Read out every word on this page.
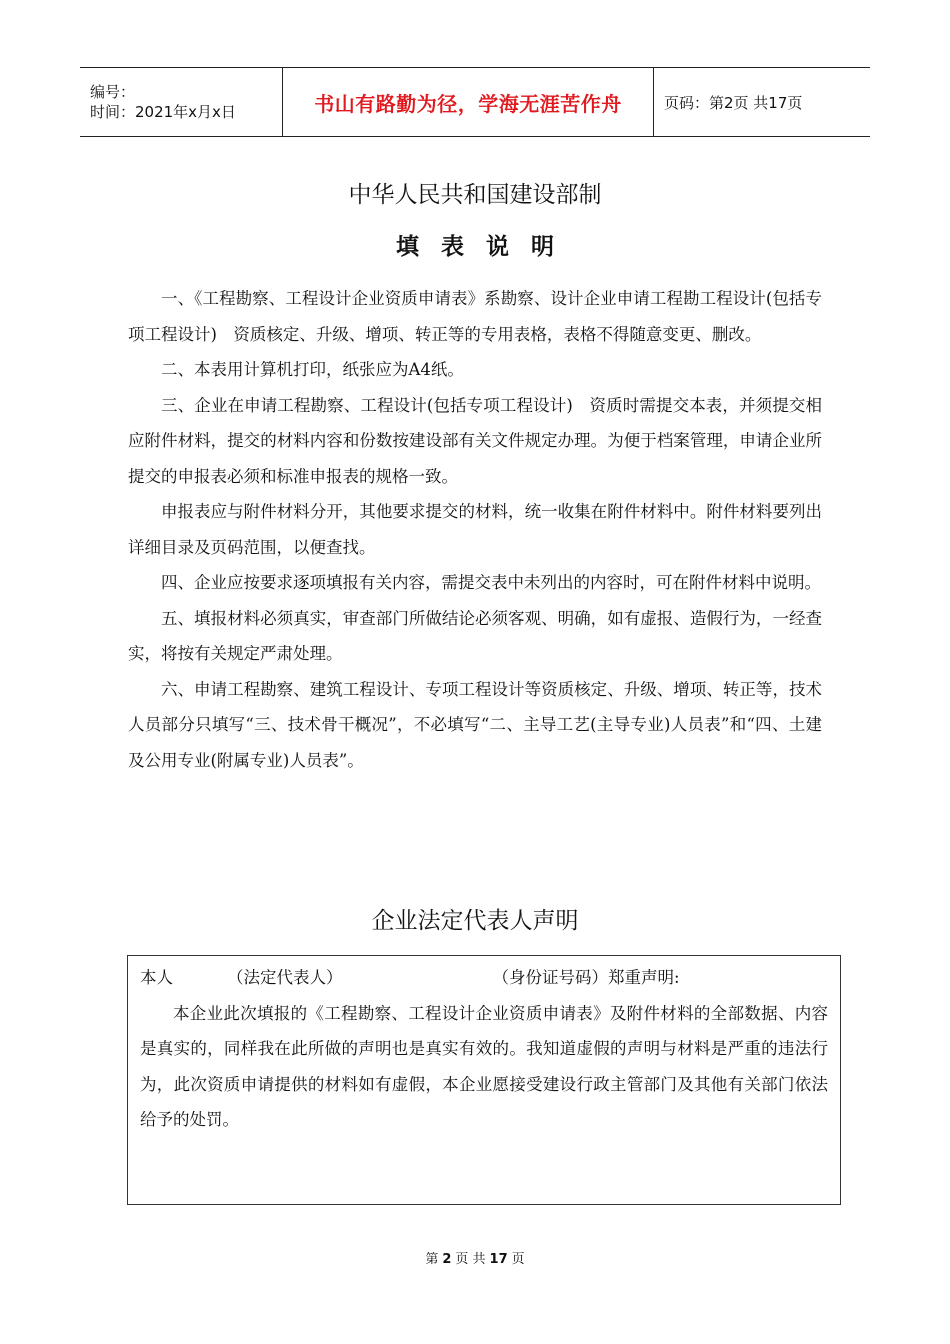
编号：
时间：2021年x月x日	书山有路勤为径，学海无涯苦作舟	页码：第2页 共17页
中华人民共和国建设部制
填表说明

一、《工程勘察、工程设计企业资质申请表》系勘察、设计企业申请工程勘工程设计(包括专项工程设计)　资质核定、升级、增项、转正等的专用表格，表格不得随意变更、删改。

二、本表用计算机打印，纸张应为A4纸。

三、企业在申请工程勘察、工程设计(包括专项工程设计)　资质时需提交本表，并须提交相应附件材料，提交的材料内容和份数按建设部有关文件规定办理。为便于档案管理，申请企业所提交的申报表必须和标准申报表的规格一致。

申报表应与附件材料分开，其他要求提交的材料，统一收集在附件材料中。附件材料要列出详细目录及页码范围，以便查找。

四、企业应按要求逐项填报有关内容，需提交表中未列出的内容时，可在附件材料中说明。

五、填报材料必须真实，审查部门所做结论必须客观、明确，如有虚报、造假行为，一经查实，将按有关规定严肃处理。

六、申请工程勘察、建筑工程设计、专项工程设计等资质核定、升级、增项、转正等，技术人员部分只填写“三、技术骨干概况”，不必填写“二、主导工艺(主导专业)人员表”和“四、土建及公用专业(附属专业)人员表”。

企业法定代表人声明
本人	（法定代表人）	（身份证号码）郑重声明:

本企业此次填报的《工程勘察、工程设计企业资质申请表》及附件材料的全部数据、内容是真实的，同样我在此所做的声明也是真实有效的。我知道虚假的声明与材料是严重的违法行为，此次资质申请提供的材料如有虚假，本企业愿接受建设行政主管部门及其他有关部门依法给予的处罚。

第 2 页 共 17 页
